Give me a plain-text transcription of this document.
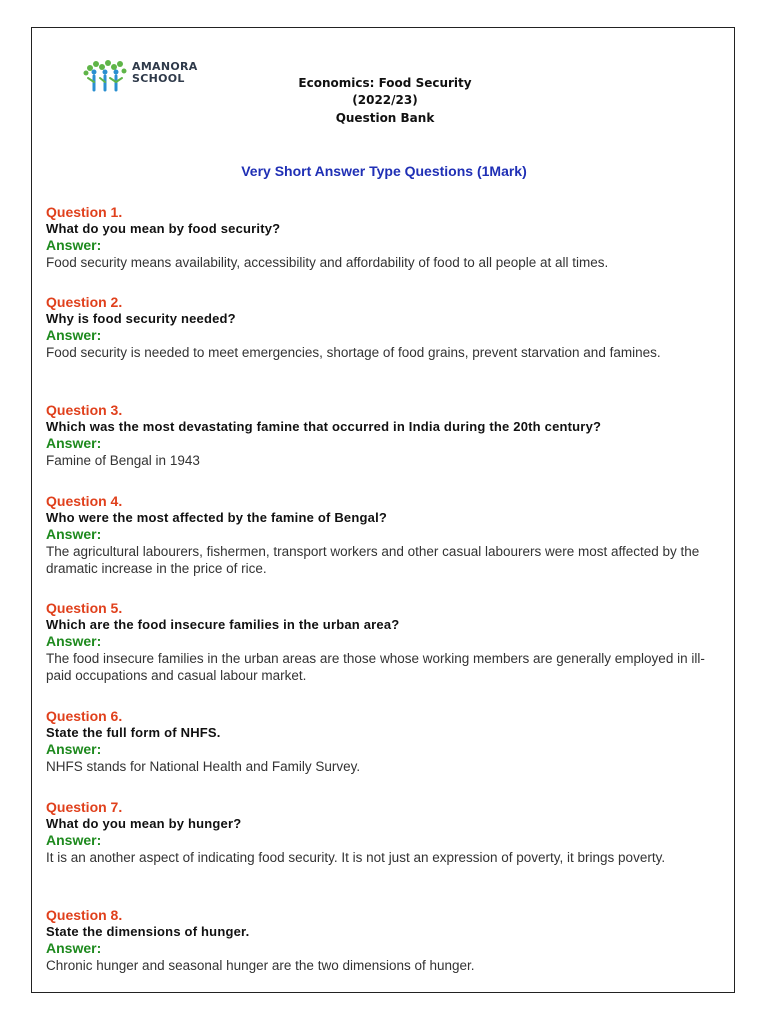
AMANORA
SCHOOL	Economics: Food Security
(2022/23)
Question Bank
Very Short Answer Type Questions (1Mark)
Question 1.
What do you mean by food security?
Answer:
Food security means availability, accessibility and affordability of food to all people at all times.
Question 2.
Why is food security needed?
Answer:
Food security is needed to meet emergencies, shortage of food grains, prevent starvation and famines.
Question 3.
Which was the most devastating famine that occurred in India during the 20th century?
Answer:
Famine of Bengal in 1943
Question 4.
Who were the most affected by the famine of Bengal?
Answer:
The agricultural labourers, fishermen, transport workers and other casual labourers were most affected by the dramatic increase in the price of rice.
Question 5.
Which are the food insecure families in the urban area?
Answer:
The food insecure families in the urban areas are those whose working members are generally employed in ill-paid occupations and casual labour market.
Question 6.
State the full form of NHFS.
Answer:
NHFS stands for National Health and Family Survey.
Question 7.
What do you mean by hunger?
Answer:
It is an another aspect of indicating food security. It is not just an expression of poverty, it brings poverty.
Question 8.
State the dimensions of hunger.
Answer:
Chronic hunger and seasonal hunger are the two dimensions of hunger.
